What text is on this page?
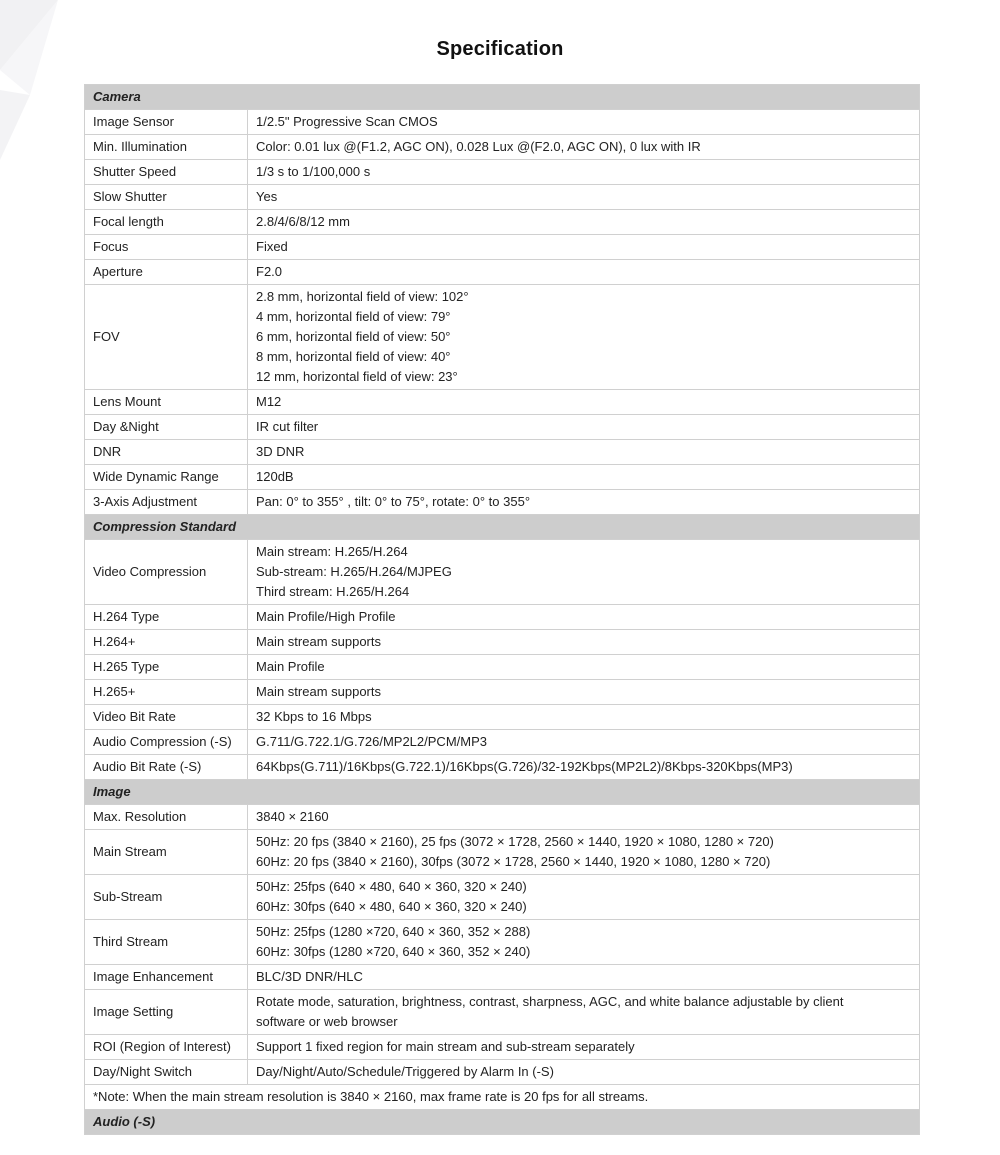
Specification
Camera	
Image Sensor	1/2.5" Progressive Scan CMOS
Min. Illumination	Color: 0.01 lux @(F1.2, AGC ON), 0.028 Lux @(F2.0, AGC ON), 0 lux with IR
Shutter Speed	1/3 s to 1/100,000 s
Slow Shutter	Yes
Focal length	2.8/4/6/8/12 mm
Focus	Fixed
Aperture	F2.0
FOV	2.8 mm, horizontal field of view: 102°
4 mm, horizontal field of view: 79°
6 mm, horizontal field of view: 50°
8 mm, horizontal field of view: 40°
12 mm, horizontal field of view: 23°

Lens Mount	M12
Day &Night	IR cut filter
DNR	3D DNR
Wide Dynamic Range	120dB
3-Axis Adjustment	Pan: 0° to 355° , tilt: 0° to 75°, rotate: 0° to 355°
Compression Standard	
Video Compression	Main stream: H.265/H.264
Sub-stream: H.265/H.264/MJPEG
Third stream: H.265/H.264

H.264 Type	Main Profile/High Profile
H.264+	Main stream supports
H.265 Type	Main Profile
H.265+	Main stream supports
Video Bit Rate	32 Kbps to 16 Mbps
Audio Compression (-S)	G.711/G.722.1/G.726/MP2L2/PCM/MP3
Audio Bit Rate (-S)	64Kbps(G.711)/16Kbps(G.722.1)/16Kbps(G.726)/32-192Kbps(MP2L2)/8Kbps-320Kbps(MP3)
Image	
Max. Resolution	3840 × 2160
Main Stream	50Hz: 20 fps (3840 × 2160), 25 fps (3072 × 1728, 2560 × 1440, 1920 × 1080, 1280 × 720)
60Hz: 20 fps (3840 × 2160), 30fps (3072 × 1728, 2560 × 1440, 1920 × 1080, 1280 × 720)

Sub-Stream	50Hz: 25fps (640 × 480, 640 × 360, 320 × 240)
60Hz: 30fps (640 × 480, 640 × 360, 320 × 240)

Third Stream	50Hz: 25fps (1280 ×720, 640 × 360, 352 × 288)
60Hz: 30fps (1280 ×720, 640 × 360, 352 × 240)

Image Enhancement	BLC/3D DNR/HLC
Image Setting	Rotate mode, saturation, brightness, contrast, sharpness, AGC, and white balance adjustable by client
software or web browser

ROI (Region of Interest)	Support 1 fixed region for main stream and sub-stream separately
Day/Night Switch	Day/Night/Auto/Schedule/Triggered by Alarm In (-S)
*Note: When the main stream resolution is 3840 × 2160, max frame rate is 20 fps for all streams.	
Audio (-S)	
